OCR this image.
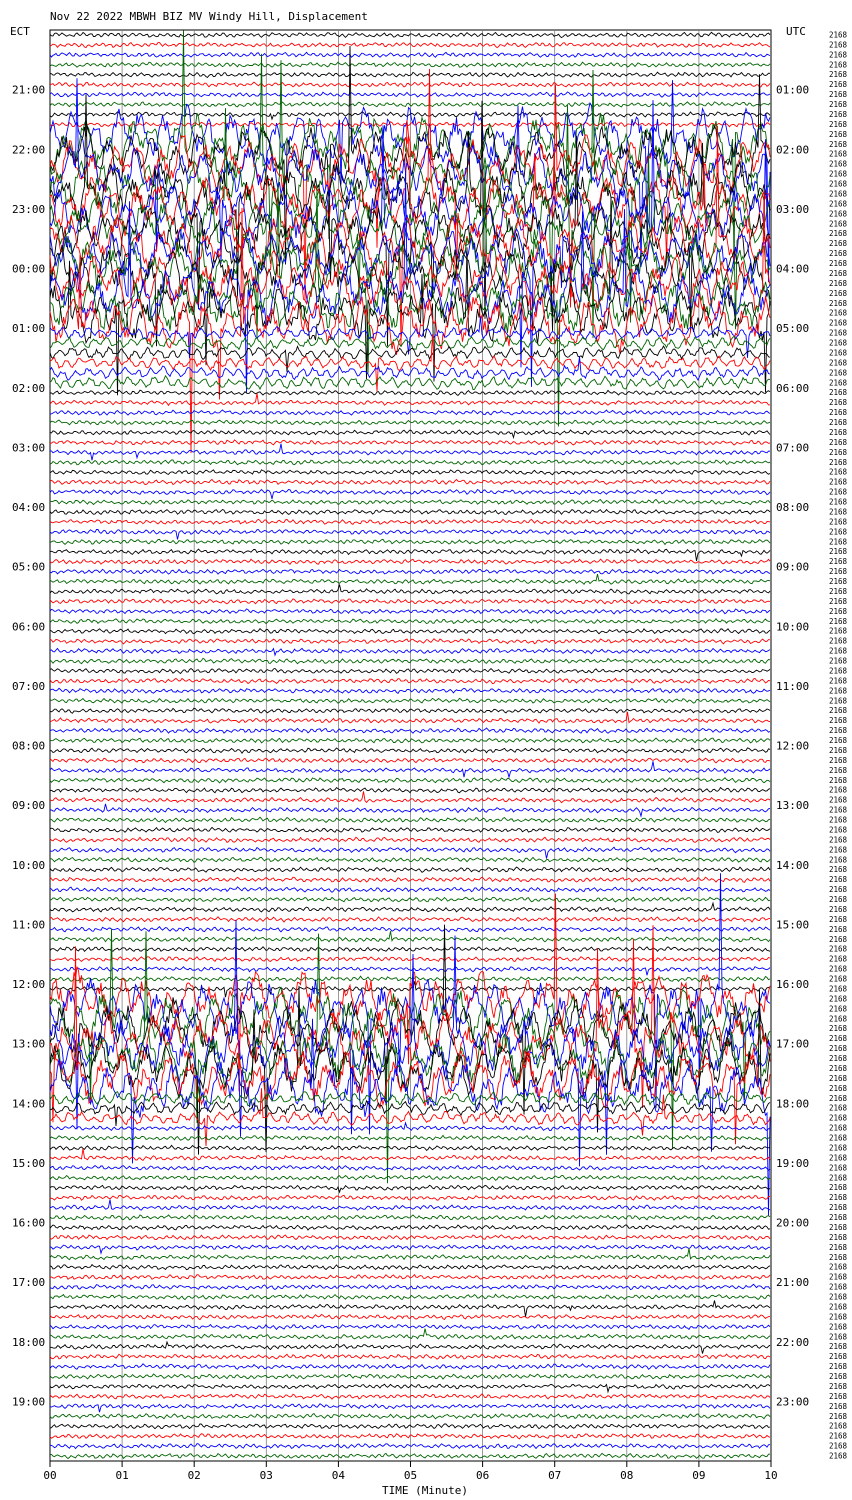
Nov 22 2022 MBWH BIZ MV Windy Hill, Displacement
ECT	UTC
21:00
22:00
23:00
00:00
01:00
02:00
03:00
04:00
05:00
06:00
07:00
08:00
09:00
10:00
11:00
12:00
13:00
14:00
15:00
16:00
17:00
18:00
19:00
01:00
02:00
03:00
04:00
05:00
06:00
07:00
08:00
09:00
10:00
11:00
12:00
13:00
14:00
15:00
16:00
17:00
18:00
19:00
20:00
21:00
22:00
23:00
2168
2168
2168
2168
2168
2168
2168
2168
2168
2168
2168
2168
2168
2168
2168
2168
2168
2168
2168
2168
2168
2168
2168
2168
2168
2168
2168
2168
2168
2168
2168
2168
2168
2168
2168
2168
2168
2168
2168
2168
2168
2168
2168
2168
2168
2168
2168
2168
2168
2168
2168
2168
2168
2168
2168
2168
2168
2168
2168
2168
2168
2168
2168
2168
2168
2168
2168
2168
2168
2168
2168
2168
2168
2168
2168
2168
2168
2168
2168
2168
2168
2168
2168
2168
2168
2168
2168
2168
2168
2168
2168
2168
2168
2168
2168
2168
2168
2168
2168
2168
2168
2168
2168
2168
2168
2168
2168
2168
2168
2168
2168
2168
2168
2168
2168
2168
2168
2168
2168
2168
2168
2168
2168
2168
2168
2168
2168
2168
2168
2168
2168
2168
2168
2168
2168
2168
2168
2168
2168
2168
2168
2168
2168
2168
00	01	02	03	04	05	06	07	08	09	10
TIME (Minute)
